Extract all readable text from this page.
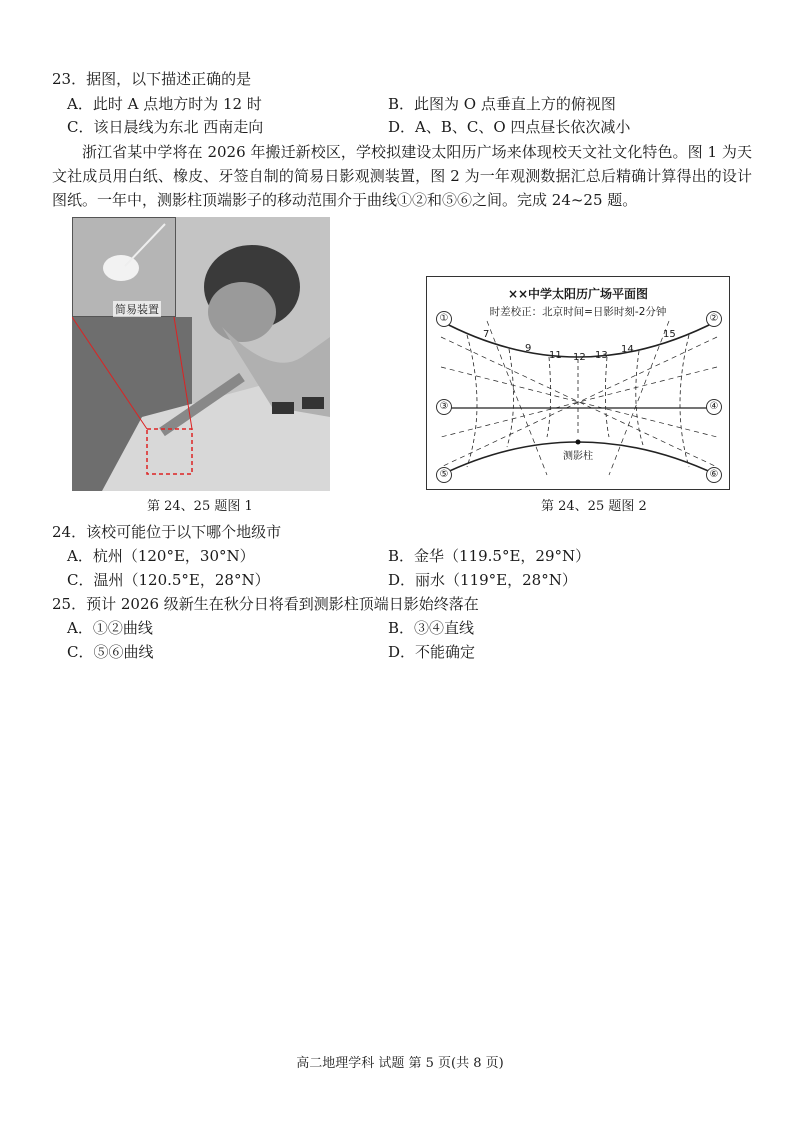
23．据图，以下描述正确的是
A．此时 A 点地方时为 12 时	B．此图为 O 点垂直上方的俯视图
C．该日晨线为东北 西南走向	D．A、B、C、O 四点昼长依次减小
浙江省某中学将在 2026 年搬迁新校区，学校拟建设太阳历广场来体现校天文社文化特色。图 1 为天文社成员用白纸、橡皮、牙签自制的简易日影观测装置，图 2 为一年观测数据汇总后精确计算得出的设计图纸。一年中，测影柱顶端影子的移动范围介于曲线①②和⑤⑥之间。完成 24~25 题。
简易装置
第 24、25 题图 1
××中学太阳历广场平面图
时差校正：北京时间=日影时刻-2分钟
7
9
11 12 13
14
15
①	②
③	④
⑤	⑥
测影柱
第 24、25 题图 2
24．该校可能位于以下哪个地级市
A．杭州（120°E，30°N）	B．金华（119.5°E，29°N）
C．温州（120.5°E，28°N）	D．丽水（119°E，28°N）
25．预计 2026 级新生在秋分日将看到测影柱顶端日影始终落在
A．①②曲线	B．③④直线
C．⑤⑥曲线	D．不能确定
高二地理学科 试题 第 5 页(共 8 页)
